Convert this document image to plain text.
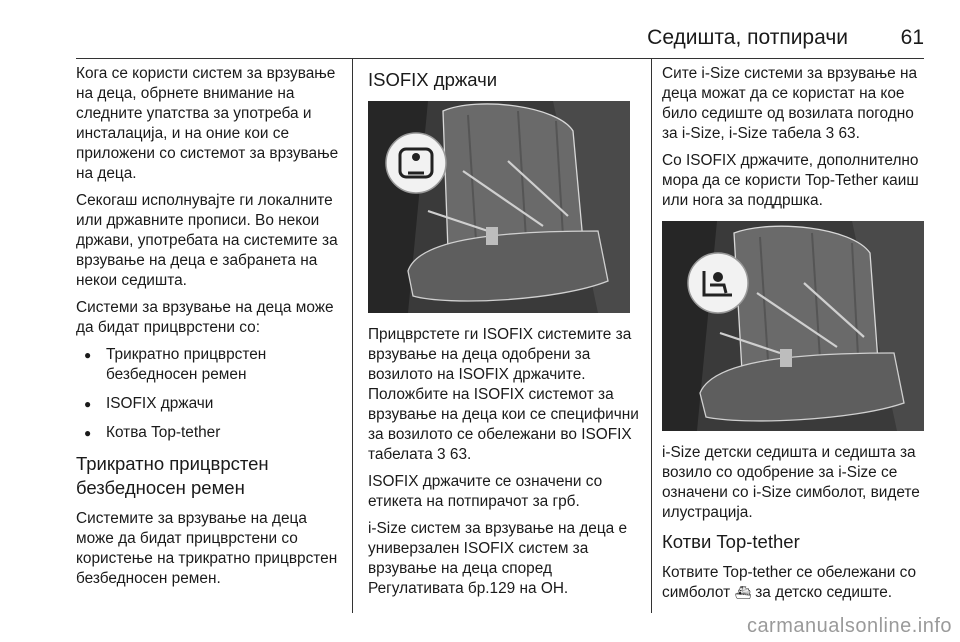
Седишта, потпирачи	61

Кога се користи систем за врзување на деца, обрнете внимание на следните упатства за употреба и инсталација, и на оние кои се приложени со системот за врзување на деца.

Секогаш исполнувајте ги локалните или државните прописи. Во некои држави, употребата на системите за врзување на деца е забранета на некои седишта.

Системи за врзување на деца може да бидат прицврстени со:

● Трикратно прицврстен безбедносен ремен
● ISOFIX држачи
● Котва Top-tether
Трикратно прицврстен безбедносен ремен

Системите за врзување на деца може да бидат прицврстени со користење на трикратно прицврстен безбедносен ремен.

ISOFIX држачи

Прицврстете ги ISOFIX системите за врзување на деца одобрени за возилото на ISOFIX држачите. Положбите на ISOFIX системот за врзување на деца кои се специфични за возилото се обележани во ISOFIX табелата 3 63.

ISOFIX држачите се означени со етикета на потпирачот за грб.

i-Size систем за врзување на деца е универзален ISOFIX систем за врзување на деца според Регулативата бр.129 на ОН.

Сите i-Size системи за врзување на деца можат да се користат на кое било седиште од возилата погодно за i-Size, i-Size табела 3 63.

Со ISOFIX држачите, дополнително мора да се користи Top-Tether каиш или нога за поддршка.

i-Size детски седишта и седишта за возило со одобрение за i-Size се означени со i-Size симболот, видете илустрација.

Котви Top-tether

Котвите Top-tether се обележани со симболот ⛴ за детско седиште.

carmanualsonline.info
